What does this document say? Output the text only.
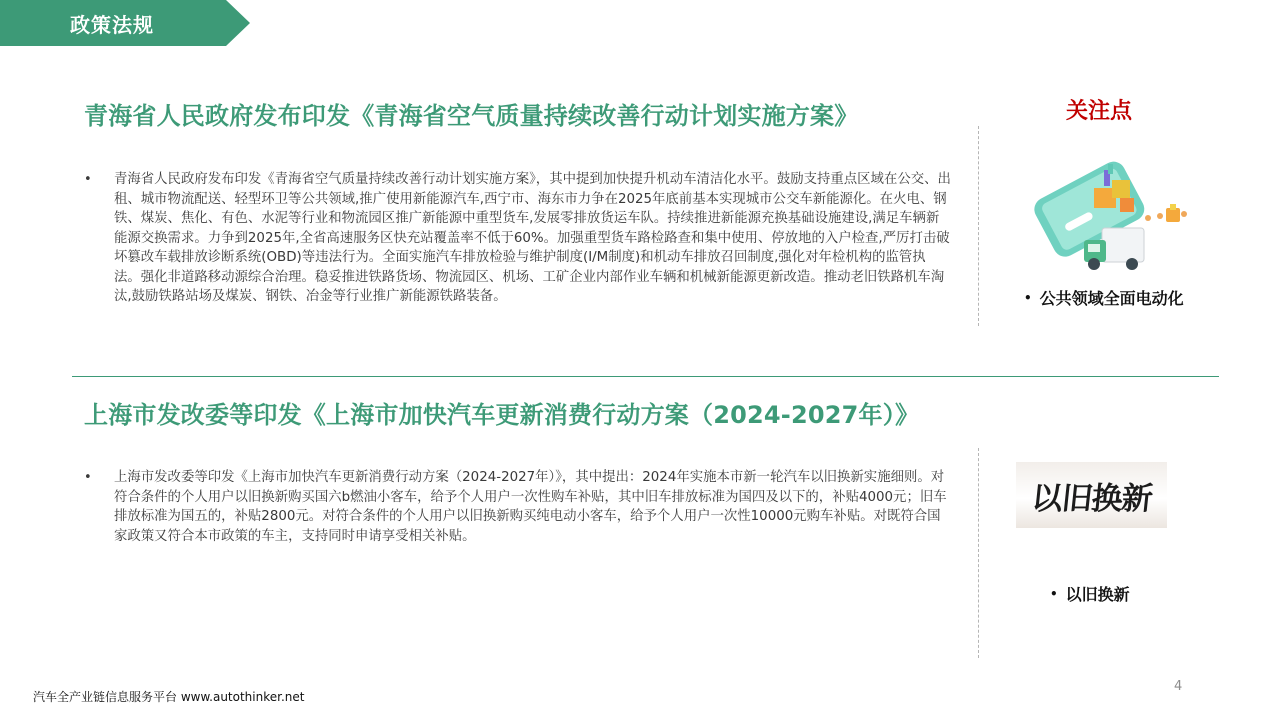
政策法规
青海省人民政府发布印发《青海省空气质量持续改善行动计划实施方案》
• 青海省人民政府发布印发《青海省空气质量持续改善行动计划实施方案》，其中提到加快提升机动车清洁化水平。鼓励支持重点区域在公交、出租、城市物流配送、轻型环卫等公共领域,推广使用新能源汽车,西宁市、海东市力争在2025年底前基本实现城市公交车新能源化。在火电、钢铁、煤炭、焦化、有色、水泥等行业和物流园区推广新能源中重型货车,发展零排放货运车队。持续推进新能源充换基础设施建设,满足车辆新能源交换需求。力争到2025年,全省高速服务区快充站覆盖率不低于60%。加强重型货车路检路查和集中使用、停放地的入户检查,严厉打击破坏篡改车载排放诊断系统(OBD)等违法行为。全面实施汽车排放检验与维护制度(I/M制度)和机动车排放召回制度,强化对年检机构的监管执法。强化非道路移动源综合治理。稳妥推进铁路货场、物流园区、机场、工矿企业内部作业车辆和机械新能源更新改造。推动老旧铁路机车淘汰,鼓励铁路站场及煤炭、钢铁、冶金等行业推广新能源铁路装备。
关注点
• 公共领域全面电动化
上海市发改委等印发《上海市加快汽车更新消费行动方案（2024-2027年）》
• 上海市发改委等印发《上海市加快汽车更新消费行动方案（2024-2027年）》，其中提出：2024年实施本市新一轮汽车以旧换新实施细则。对符合条件的个人用户以旧换新购买国六b燃油小客车，给予个人用户一次性购车补贴，其中旧车排放标准为国四及以下的，补贴4000元；旧车排放标准为国五的，补贴2800元。对符合条件的个人用户以旧换新购买纯电动小客车，给予个人用户一次性10000元购车补贴。对既符合国家政策又符合本市政策的车主，支持同时申请享受相关补贴。
以旧换新
• 以旧换新
汽车全产业链信息服务平台 www.autothinker.net
4
